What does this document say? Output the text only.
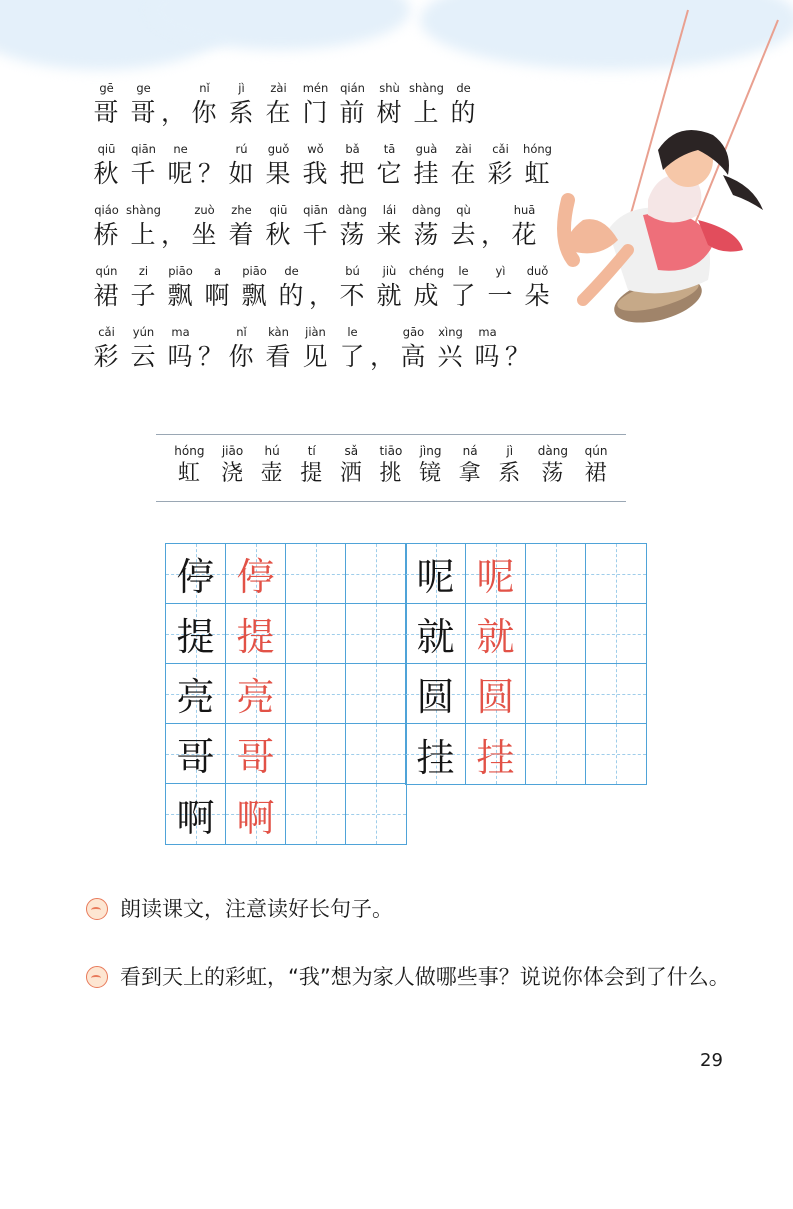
gē
哥
ge
哥 ，
nǐ
你
jì
系
zài
在
mén
门
qián
前
shù
树
shàng
上
de
的
qiū
秋
qiān
千
ne
呢 ？
rú
如
guǒ
果
wǒ
我
bǎ
把
tā
它
guà
挂
zài
在
cǎi
彩
hóng
虹
qiáo
桥
shàng
上 ，
zuò
坐
zhe
着
qiū
秋
qiān
千
dàng
荡
lái
来
dàng
荡
qù
去 ，
huā
花
qún
裙
zi
子
piāo
飘
a
啊
piāo
飘
de
的 ，
bú
不
jiù
就
chéng
成
le
了
yì
一
duǒ
朵
cǎi
彩
yún
云
ma
吗 ？
nǐ
你
kàn
看
jiàn
见
le
了 ，
gāo
高
xìng
兴
ma
吗 ？
hóng
虹
jiāo
浇
hú
壶
tí
提
sǎ
洒
tiāo
挑
jìng
镜
ná
拿
jì
系
dàng
荡
qún
裙
停 停
提 提
亮 亮
哥 哥
啊 啊
呢 呢
就 就
圆 圆
挂 挂
朗读课文，注意读好长句子。
看到天上的彩虹，“我”想为家人做哪些事？说说你体会到了什么。
29
